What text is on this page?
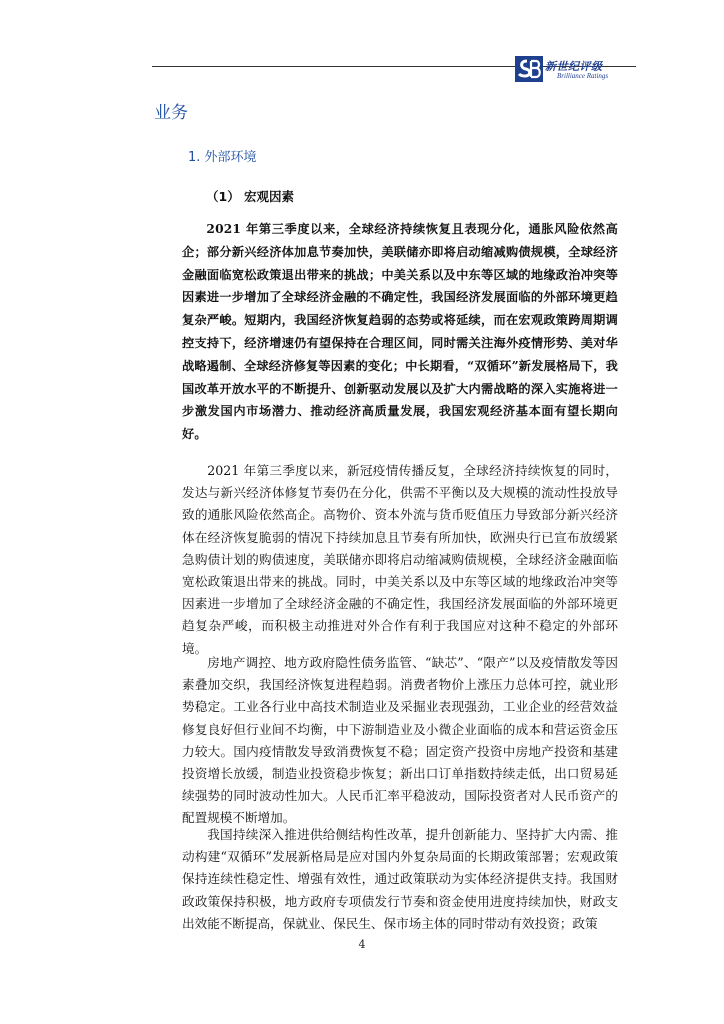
新世纪评级
Brilliance Ratings
业务
1. 外部环境
（1） 宏观因素

2021 年第三季度以来，全球经济持续恢复且表现分化，通胀风险依然高企；部分新兴经济体加息节奏加快，美联储亦即将启动缩减购债规模，全球经济金融面临宽松政策退出带来的挑战；中美关系以及中东等区域的地缘政治冲突等因素进一步增加了全球经济金融的不确定性，我国经济发展面临的外部环境更趋复杂严峻。短期内，我国经济恢复趋弱的态势或将延续，而在宏观政策跨周期调控支持下，经济增速仍有望保持在合理区间，同时需关注海外疫情形势、美对华战略遏制、全球经济修复等因素的变化；中长期看，“双循环”新发展格局下，我国改革开放水平的不断提升、创新驱动发展以及扩大内需战略的深入实施将进一步激发国内市场潜力、推动经济高质量发展，我国宏观经济基本面有望长期向好。

2021 年第三季度以来，新冠疫情传播反复，全球经济持续恢复的同时，发达与新兴经济体修复节奏仍在分化，供需不平衡以及大规模的流动性投放导致的通胀风险依然高企。高物价、资本外流与货币贬值压力导致部分新兴经济体在经济恢复脆弱的情况下持续加息且节奏有所加快，欧洲央行已宣布放缓紧急购债计划的购债速度，美联储亦即将启动缩减购债规模，全球经济金融面临宽松政策退出带来的挑战。同时，中美关系以及中东等区域的地缘政治冲突等因素进一步增加了全球经济金融的不确定性，我国经济发展面临的外部环境更趋复杂严峻，而积极主动推进对外合作有利于我国应对这种不稳定的外部环境。

房地产调控、地方政府隐性债务监管、“缺芯”、“限产”以及疫情散发等因素叠加交织，我国经济恢复进程趋弱。消费者物价上涨压力总体可控，就业形势稳定。工业各行业中高技术制造业及采掘业表现强劲，工业企业的经营效益修复良好但行业间不均衡，中下游制造业及小微企业面临的成本和营运资金压力较大。国内疫情散发导致消费恢复不稳；固定资产投资中房地产投资和基建投资增长放缓，制造业投资稳步恢复；新出口订单指数持续走低，出口贸易延续强势的同时波动性加大。人民币汇率平稳波动，国际投资者对人民币资产的配置规模不断增加。

我国持续深入推进供给侧结构性改革，提升创新能力、坚持扩大内需、推动构建“双循环”发展新格局是应对国内外复杂局面的长期政策部署；宏观政策保持连续性稳定性、增强有效性，通过政策联动为实体经济提供支持。我国财政政策保持积极，地方政府专项债发行节奏和资金使用进度持续加快，财政支出效能不断提高，保就业、保民生、保市场主体的同时带动有效投资；政策

4
